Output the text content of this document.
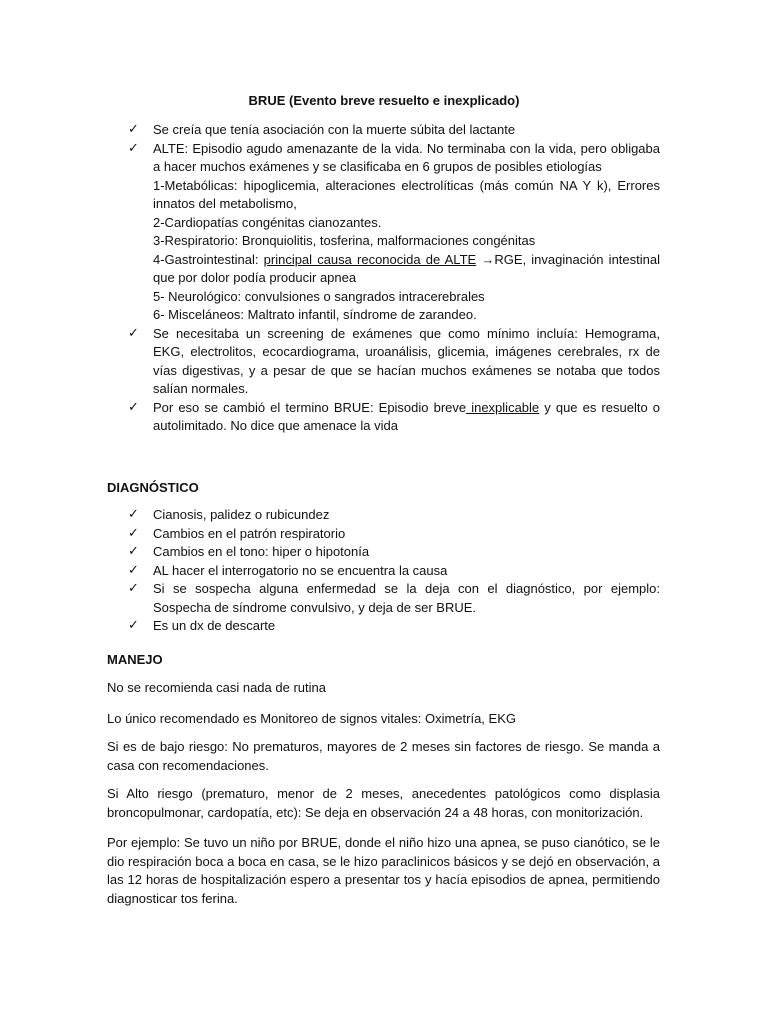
BRUE (Evento breve resuelto e inexplicado)
✓ Se creía que tenía asociación con la muerte súbita del lactante
✓ ALTE: Episodio agudo amenazante de la vida. No terminaba con la vida, pero obligaba a hacer muchos exámenes y se clasificaba en 6 grupos de posibles etiologías
1-Metabólicas: hipoglicemia, alteraciones electrolíticas (más común NA Y k), Errores innatos del metabolismo,
2-Cardiopatías congénitas cianozantes.
3-Respiratorio: Bronquiolitis, tosferina, malformaciones congénitas
4-Gastrointestinal: principal causa reconocida de ALTE →RGE, invaginación intestinal que por dolor podía producir apnea
5- Neurológico: convulsiones o sangrados intracerebrales
6- Misceláneos: Maltrato infantil, síndrome de zarandeo.
✓ Se necesitaba un screening de exámenes que como mínimo incluía: Hemograma, EKG, electrolitos, ecocardiograma, uroanálisis, glicemia, imágenes cerebrales, rx de vías digestivas, y a pesar de que se hacían muchos exámenes se notaba que todos salían normales.
✓ Por eso se cambió el termino BRUE: Episodio breve inexplicable y que es resuelto o autolimitado. No dice que amenace la vida
DIAGNÓSTICO
✓ Cianosis, palidez o rubicundez
✓ Cambios en el patrón respiratorio
✓ Cambios en el tono: hiper o hipotonía
✓ AL hacer el interrogatorio no se encuentra la causa
✓ Si se sospecha alguna enfermedad se la deja con el diagnóstico, por ejemplo: Sospecha de síndrome convulsivo, y deja de ser BRUE.
✓ Es un dx de descarte
MANEJO

No se recomienda casi nada de rutina

Lo único recomendado es Monitoreo de signos vitales: Oximetría, EKG

Si es de bajo riesgo: No prematuros, mayores de 2 meses sin factores de riesgo. Se manda a casa con recomendaciones.

Si Alto riesgo (prematuro, menor de 2 meses, anecedentes patológicos como displasia broncopulmonar, cardopatía, etc): Se deja en observación 24 a 48 horas, con monitorización.

Por ejemplo: Se tuvo un niño por BRUE, donde el niño hizo una apnea, se puso cianótico, se le dio respiración boca a boca en casa, se le hizo paraclinicos básicos y se dejó en observación, a las 12 horas de hospitalización espero a presentar tos y hacía episodios de apnea, permitiendo diagnosticar tos ferina.
